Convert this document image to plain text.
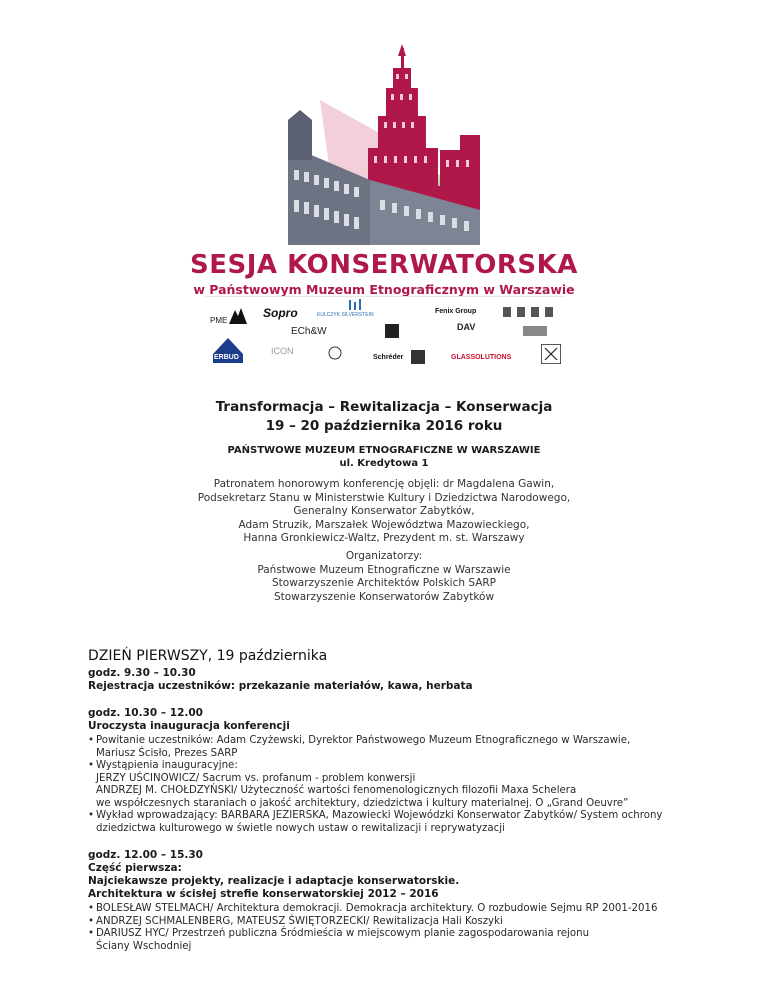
SESJA KONSERWATORSKA
w Państwowym Muzeum Etnograficznym w Warszawie
PME
Sopro	KULCZYK SILVERSTEIN	Fenix Group
ECh&W	DAV
ERBUD
ICON
Schréder	GLASSOLUTIONS
Transformacja – Rewitalizacja – Konserwacja
19 – 20 października 2016 roku
PAŃSTWOWE MUZEUM ETNOGRAFICZNE W WARSZAWIE
ul. Kredytowa 1
Patronatem honorowym konferencję objęli: dr Magdalena Gawin,
Podsekretarz Stanu w Ministerstwie Kultury i Dziedzictwa Narodowego,
Generalny Konserwator Zabytków,
Adam Struzik, Marszałek Województwa Mazowieckiego,
Hanna Gronkiewicz-Waltz, Prezydent m. st. Warszawy
Organizatorzy:
Państwowe Muzeum Etnograficzne w Warszawie
Stowarzyszenie Architektów Polskich SARP
Stowarzyszenie Konserwatorów Zabytków
DZIEŃ PIERWSZY, 19 października
godz. 9.30 – 10.30
Rejestracja uczestników: przekazanie materiałów, kawa, herbata
godz. 10.30 – 12.00
Uroczysta inauguracja konferencji
• Powitanie uczestników: Adam Czyżewski, Dyrektor Państwowego Muzeum Etnograficznego w Warszawie,
Mariusz Ścisło, Prezes SARP
• Wystąpienia inauguracyjne:
JERZY UŚCINOWICZ/ Sacrum vs. profanum - problem konwersji
ANDRZEJ M. CHOŁDZYŃSKI/ Użyteczność wartości fenomenologicznych filozofii Maxa Schelera
we współczesnych staraniach o jakość architektury, dziedzictwa i kultury materialnej. O „Grand Oeuvre”
• Wykład wprowadzający: BARBARA JEZIERSKA, Mazowiecki Wojewódzki Konserwator Zabytków/ System ochrony
dziedzictwa kulturowego w świetle nowych ustaw o rewitalizacji i reprywatyzacji
godz. 12.00 – 15.30
Część pierwsza:
Najciekawsze projekty, realizacje i adaptacje konserwatorskie.
Architektura w ścisłej strefie konserwatorskiej 2012 – 2016
• BOLESŁAW STELMACH/ Architektura demokracji. Demokracja architektury. O rozbudowie Sejmu RP 2001-2016
• ANDRZEJ SCHMALENBERG, MATEUSZ ŚWIĘTORZECKI/ Rewitalizacja Hali Koszyki
• DARIUSZ HYC/ Przestrzeń publiczna Śródmieścia w miejscowym planie zagospodarowania rejonu
Ściany Wschodniej
